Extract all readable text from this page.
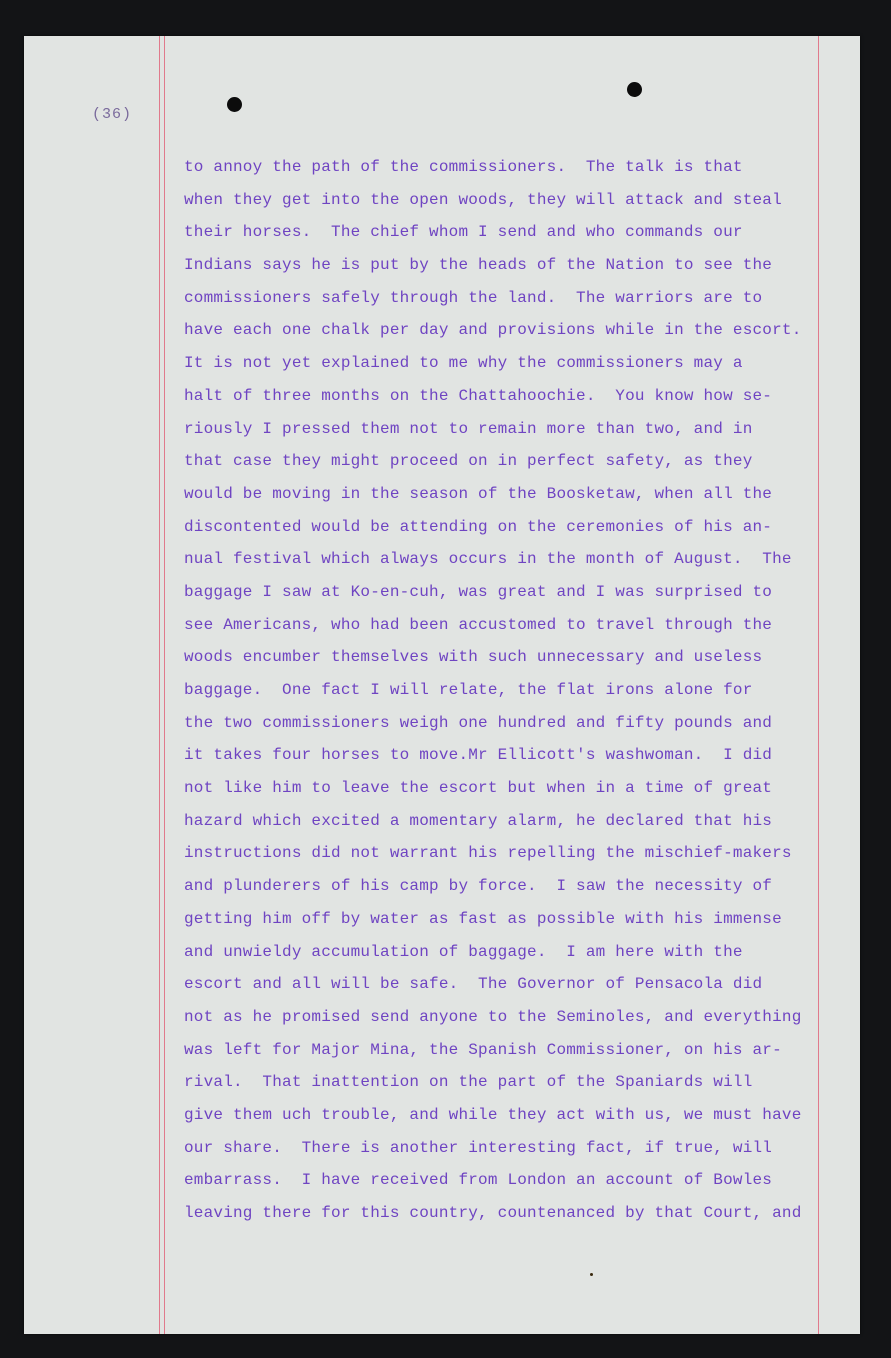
(36)
to annoy the path of the commissioners.  The talk is that
when they get into the open woods, they will attack and steal
their horses.  The chief whom I send and who commands our
Indians says he is put by the heads of the Nation to see the
commissioners safely through the land.  The warriors are to
have each one chalk per day and provisions while in the escort.
It is not yet explained to me why the commissioners may a
halt of three months on the Chattahoochie.  You know how se-
riously I pressed them not to remain more than two, and in
that case they might proceed on in perfect safety, as they
would be moving in the season of the Boosketaw, when all the
discontented would be attending on the ceremonies of his an-
nual festival which always occurs in the month of August.  The
baggage I saw at Ko-en-cuh, was great and I was surprised to
see Americans, who had been accustomed to travel through the
woods encumber themselves with such unnecessary and useless
baggage.  One fact I will relate, the flat irons alone for
the two commissioners weigh one hundred and fifty pounds and
it takes four horses to move.Mr Ellicott's washwoman.  I did
not like him to leave the escort but when in a time of great
hazard which excited a momentary alarm, he declared that his
instructions did not warrant his repelling the mischief-makers
and plunderers of his camp by force.  I saw the necessity of
getting him off by water as fast as possible with his immense
and unwieldy accumulation of baggage.  I am here with the
escort and all will be safe.  The Governor of Pensacola did
not as he promised send anyone to the Seminoles, and everything
was left for Major Mina, the Spanish Commissioner, on his ar-
rival.  That inattention on the part of the Spaniards will
give them uch trouble, and while they act with us, we must have
our share.  There is another interesting fact, if true, will
embarrass.  I have received from London an account of Bowles
leaving there for this country, countenanced by that Court, and
